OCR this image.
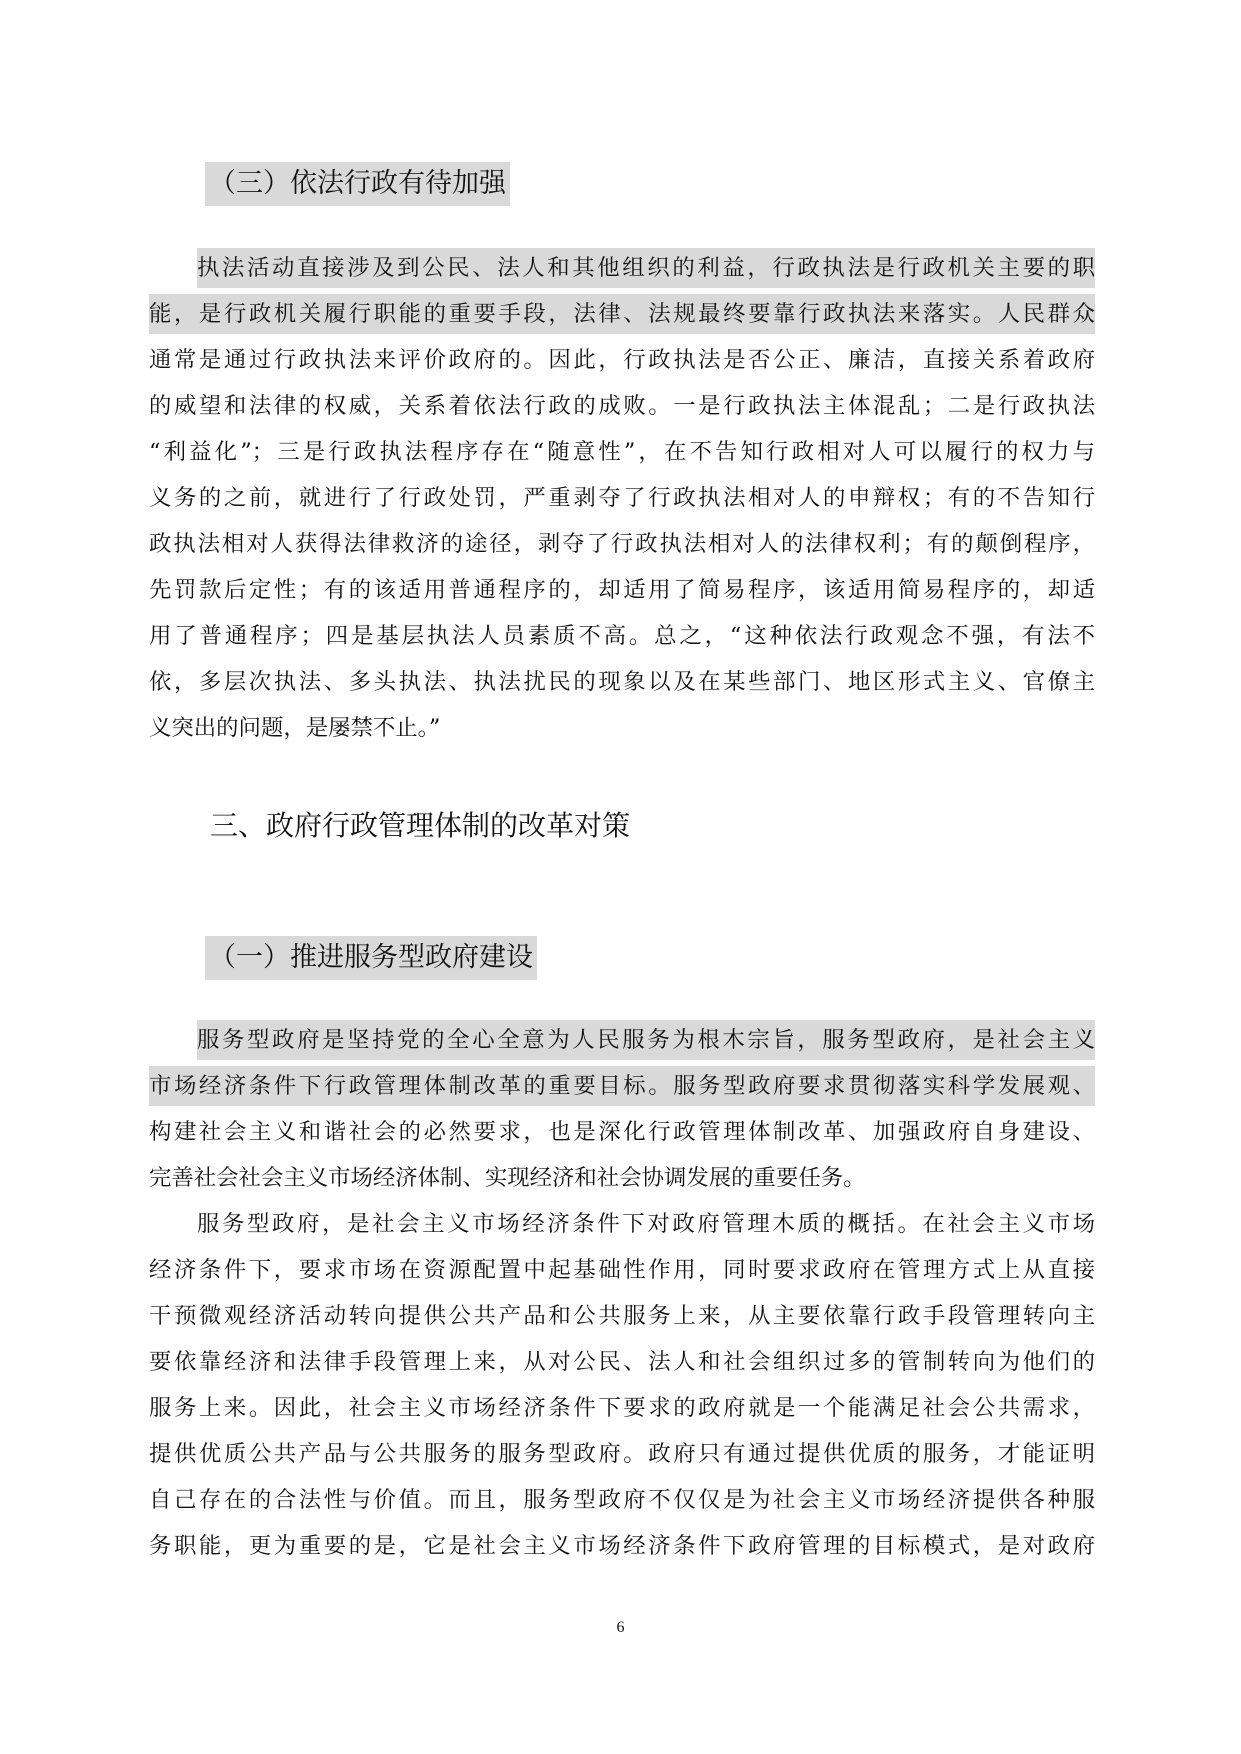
（三）依法行政有待加强
执法活动直接涉及到公民、法人和其他组织的利益，行政执法是行政机关主要的职
能，是行政机关履行职能的重要手段，法律、法规最终要靠行政执法来落实。人民群众
通常是通过行政执法来评价政府的。因此，行政执法是否公正、廉洁，直接关系着政府
的威望和法律的权威，关系着依法行政的成败。一是行政执法主体混乱；二是行政执法
“利益化”；三是行政执法程序存在“随意性”，在不告知行政相对人可以履行的权力与
义务的之前，就进行了行政处罚，严重剥夺了行政执法相对人的申辩权；有的不告知行
政执法相对人获得法律救济的途径，剥夺了行政执法相对人的法律权利；有的颠倒程序，
先罚款后定性；有的该适用普通程序的，却适用了简易程序，该适用简易程序的，却适
用了普通程序；四是基层执法人员素质不高。总之，“这种依法行政观念不强，有法不
依，多层次执法、多头执法、执法扰民的现象以及在某些部门、地区形式主义、官僚主
义突出的问题，是屡禁不止。”
三、政府行政管理体制的改革对策
（一）推进服务型政府建设
服务型政府是坚持党的全心全意为人民服务为根木宗旨，服务型政府，是社会主义
市场经济条件下行政管理体制改革的重要目标。服务型政府要求贯彻落实科学发展观、
构建社会主义和谐社会的必然要求，也是深化行政管理体制改革、加强政府自身建设、
完善社会社会主义市场经济体制、实现经济和社会协调发展的重要任务。
服务型政府，是社会主义市场经济条件下对政府管理木质的概括。在社会主义市场
经济条件下，要求市场在资源配置中起基础性作用，同时要求政府在管理方式上从直接
干预微观经济活动转向提供公共产品和公共服务上来，从主要依靠行政手段管理转向主
要依靠经济和法律手段管理上来，从对公民、法人和社会组织过多的管制转向为他们的
服务上来。因此，社会主义市场经济条件下要求的政府就是一个能满足社会公共需求，
提供优质公共产品与公共服务的服务型政府。政府只有通过提供优质的服务，才能证明
自己存在的合法性与价值。而且，服务型政府不仅仅是为社会主义市场经济提供各种服
务职能，更为重要的是，它是社会主义市场经济条件下政府管理的目标模式，是对政府
6
